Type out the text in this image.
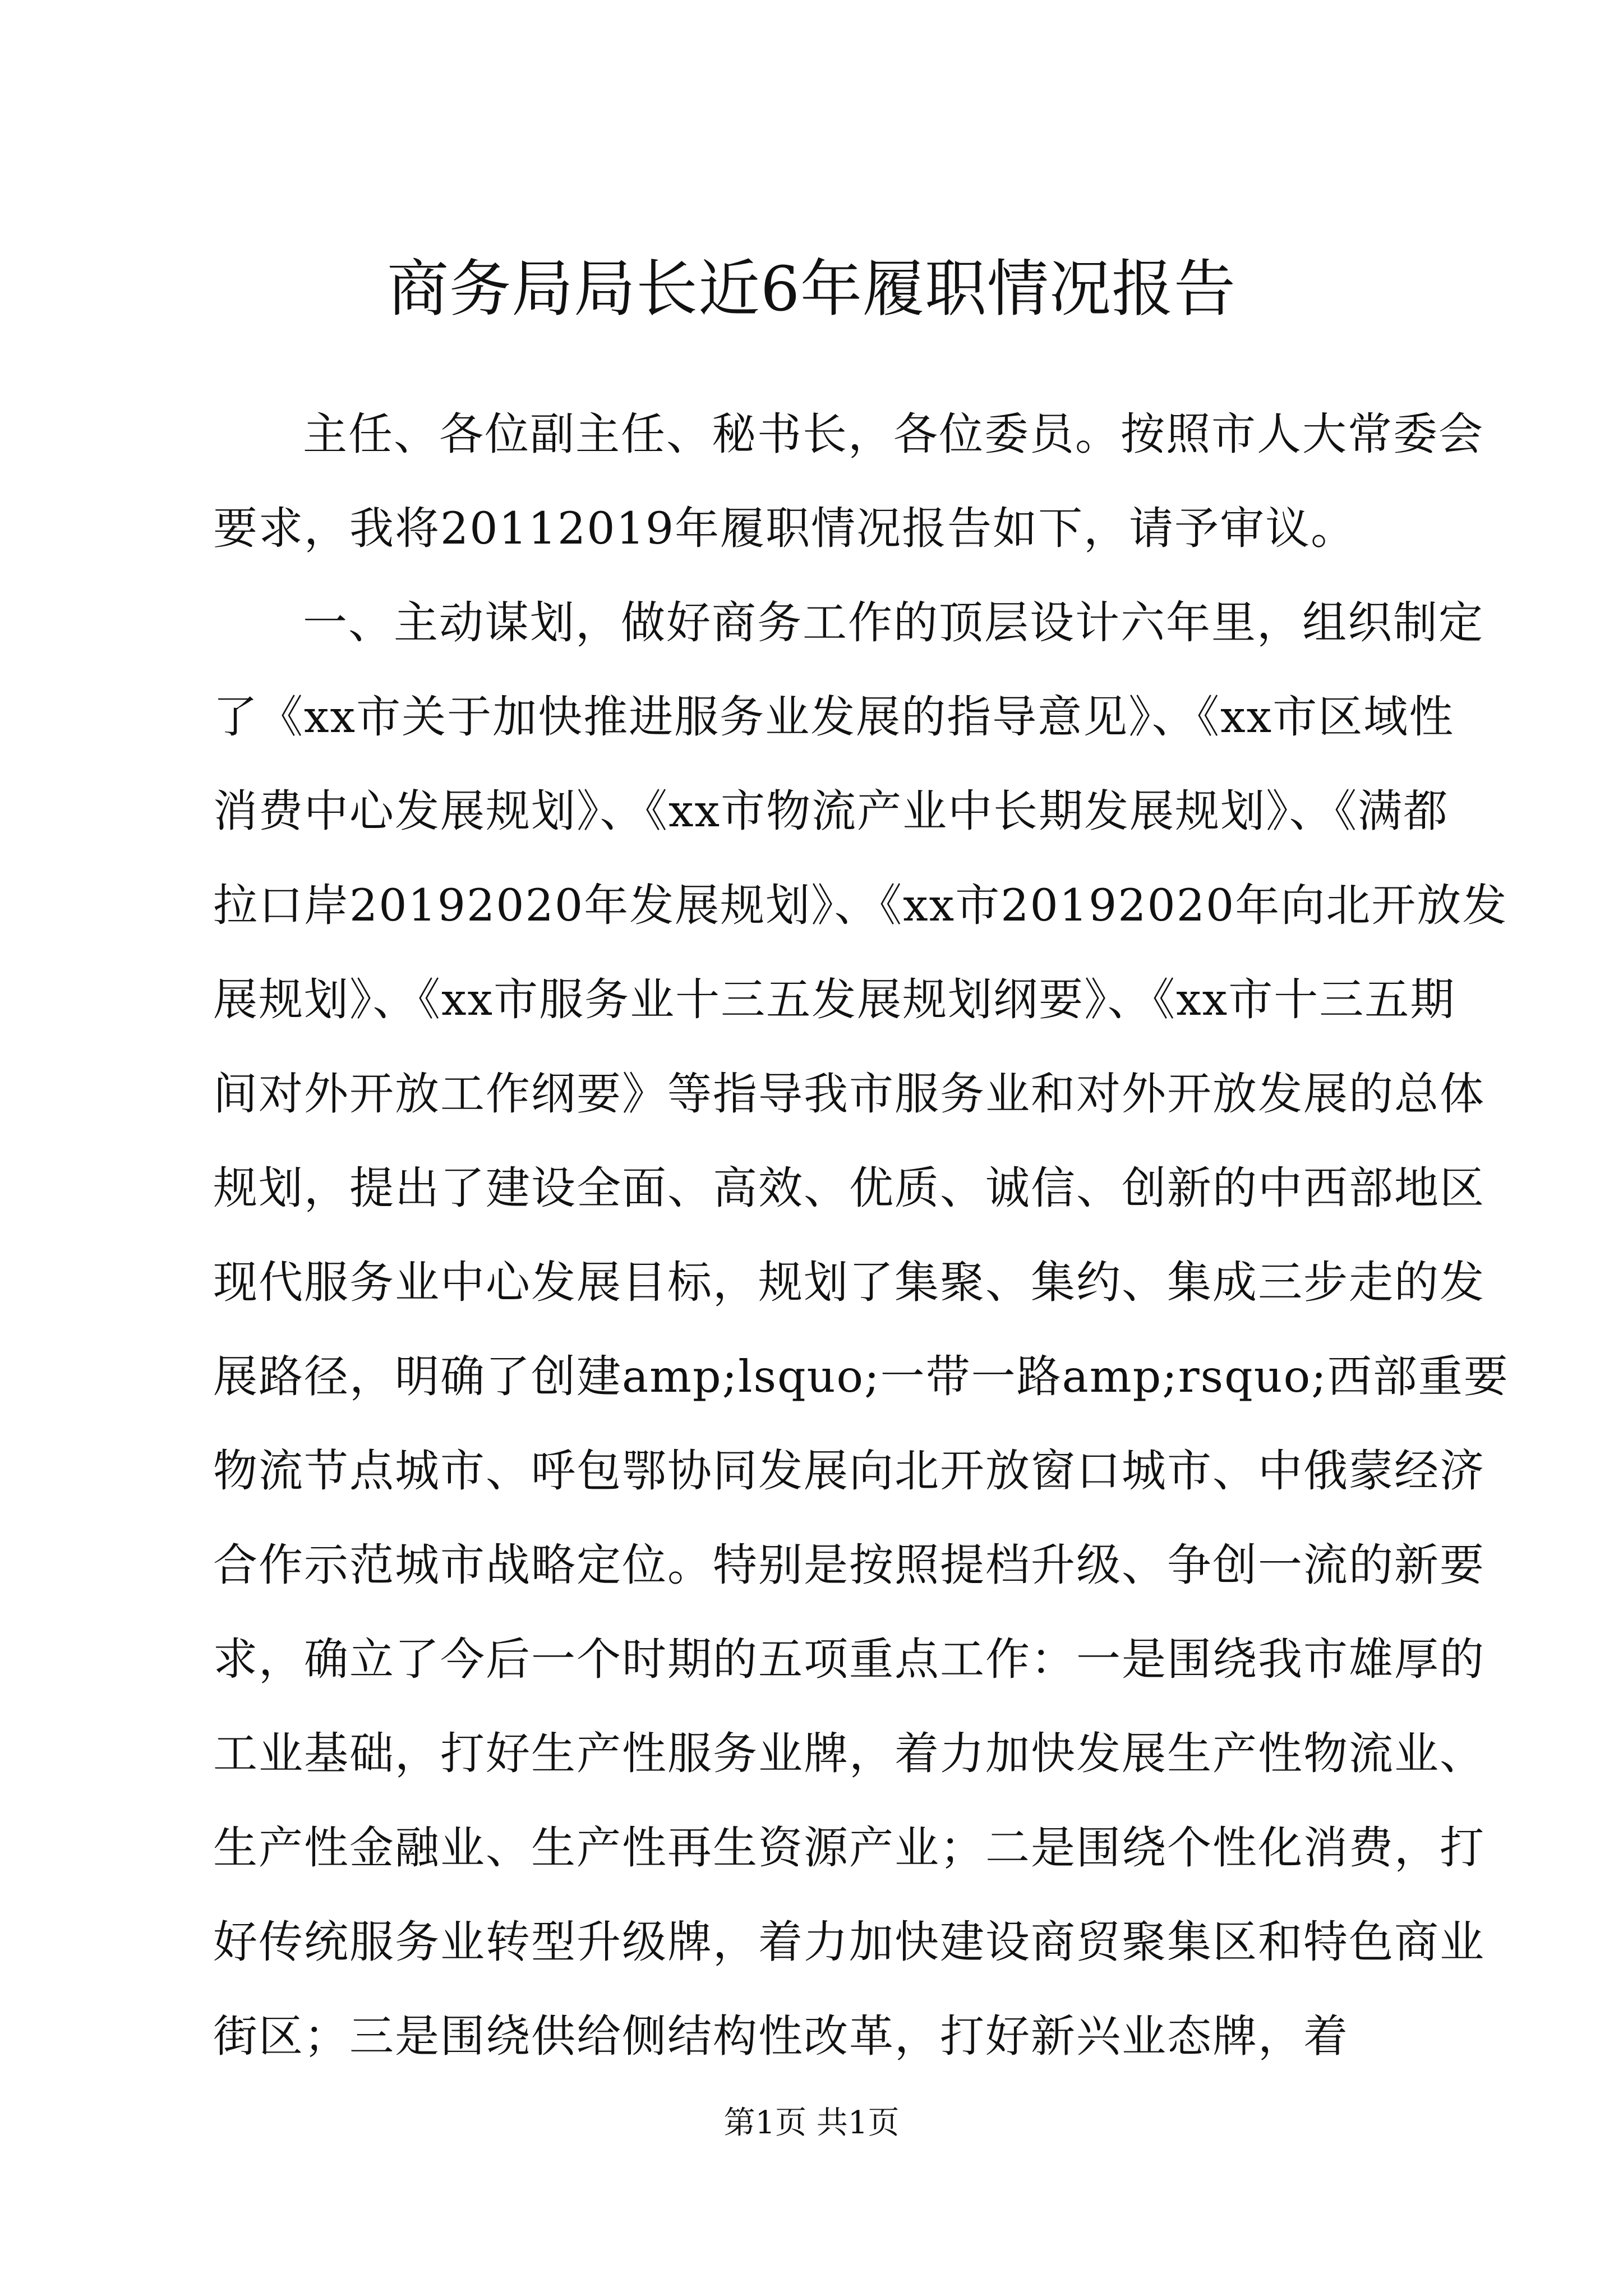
商务局局长近6年履职情况报告
主任、各位副主任、秘书长，各位委员。按照市人大常委会
要求，我将20112019年履职情况报告如下，请予审议。
一、主动谋划，做好商务工作的顶层设计六年里，组织制定
了《xx市关于加快推进服务业发展的指导意见》、《xx市区域性
消费中心发展规划》、《xx市物流产业中长期发展规划》、《满都
拉口岸20192020年发展规划》、《xx市20192020年向北开放发
展规划》、《xx市服务业十三五发展规划纲要》、《xx市十三五期
间对外开放工作纲要》等指导我市服务业和对外开放发展的总体
规划，提出了建设全面、高效、优质、诚信、创新的中西部地区
现代服务业中心发展目标，规划了集聚、集约、集成三步走的发
展路径，明确了创建amp;lsquo;一带一路amp;rsquo;西部重要
物流节点城市、呼包鄂协同发展向北开放窗口城市、中俄蒙经济
合作示范城市战略定位。特别是按照提档升级、争创一流的新要
求，确立了今后一个时期的五项重点工作：一是围绕我市雄厚的
工业基础，打好生产性服务业牌，着力加快发展生产性物流业、
生产性金融业、生产性再生资源产业；二是围绕个性化消费，打
好传统服务业转型升级牌，着力加快建设商贸聚集区和特色商业
街区；三是围绕供给侧结构性改革，打好新兴业态牌，着
第1页 共1页
